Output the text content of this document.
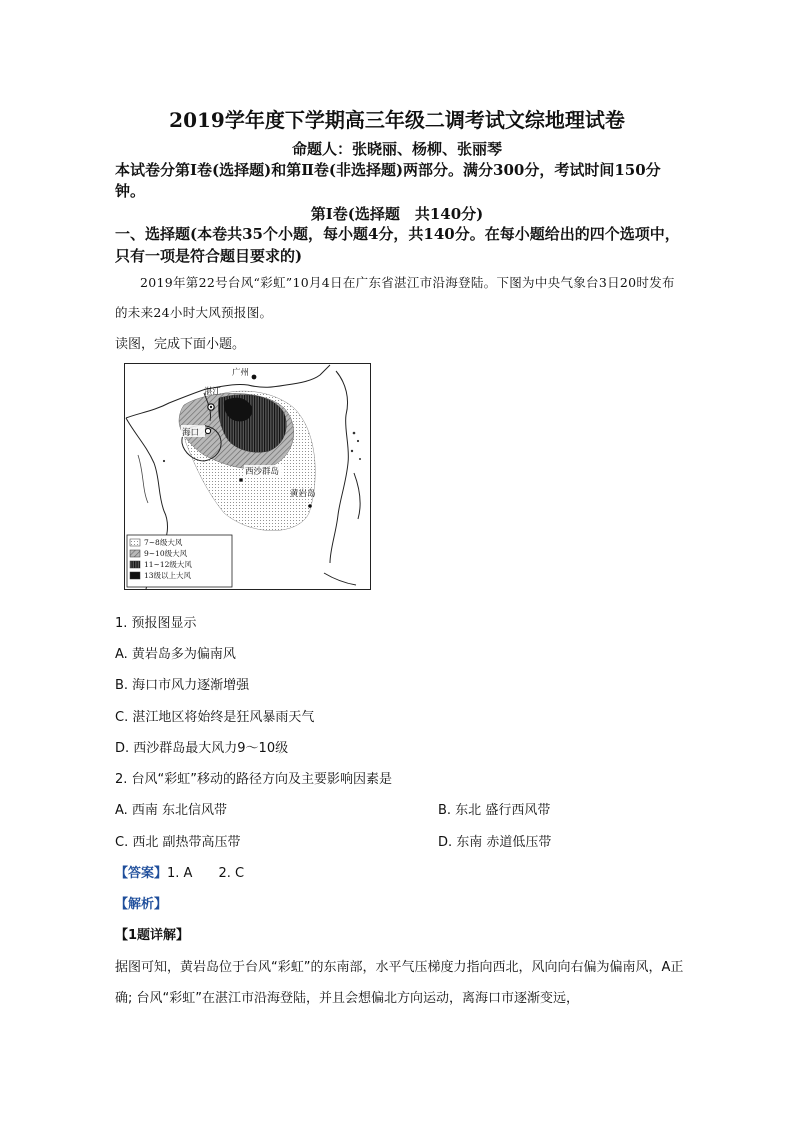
2019学年度下学期高三年级二调考试文综地理试卷
命题人：张晓丽、杨柳、张丽琴
本试卷分第Ⅰ卷(选择题)和第Ⅱ卷(非选择题)两部分。满分300分，考试时间150分钟。
第Ⅰ卷(选择题　共140分)
一、选择题(本卷共35个小题，每小题4分，共140分。在每小题给出的四个选项中，只有一项是符合题目要求的)
2019年第22号台风“彩虹”10月4日在广东省湛江市沿海登陆。下图为中央气象台3日20时发布的未来24小时大风预报图。
读图，完成下面小题。
广州
湛江
海口
西沙群岛
黄岩岛
7~8级大风
9~10级大风
11~12级大风
13级以上大风
1. 预报图显示
A. 黄岩岛多为偏南风
B. 海口市风力逐渐增强
C. 湛江地区将始终是狂风暴雨天气
D. 西沙群岛最大风力9～10级
2. 台风“彩虹”移动的路径方向及主要影响因素是
A. 西南 东北信风带	B. 东北 盛行西风带
C. 西北 副热带高压带	D. 东南 赤道低压带
【答案】1. A　　2. C
【解析】
【1题详解】
据图可知，黄岩岛位于台风“彩虹”的东南部，水平气压梯度力指向西北，风向向右偏为偏南风，A正确; 台风“彩虹”在湛江市沿海登陆，并且会想偏北方向运动，离海口市逐渐变远，
